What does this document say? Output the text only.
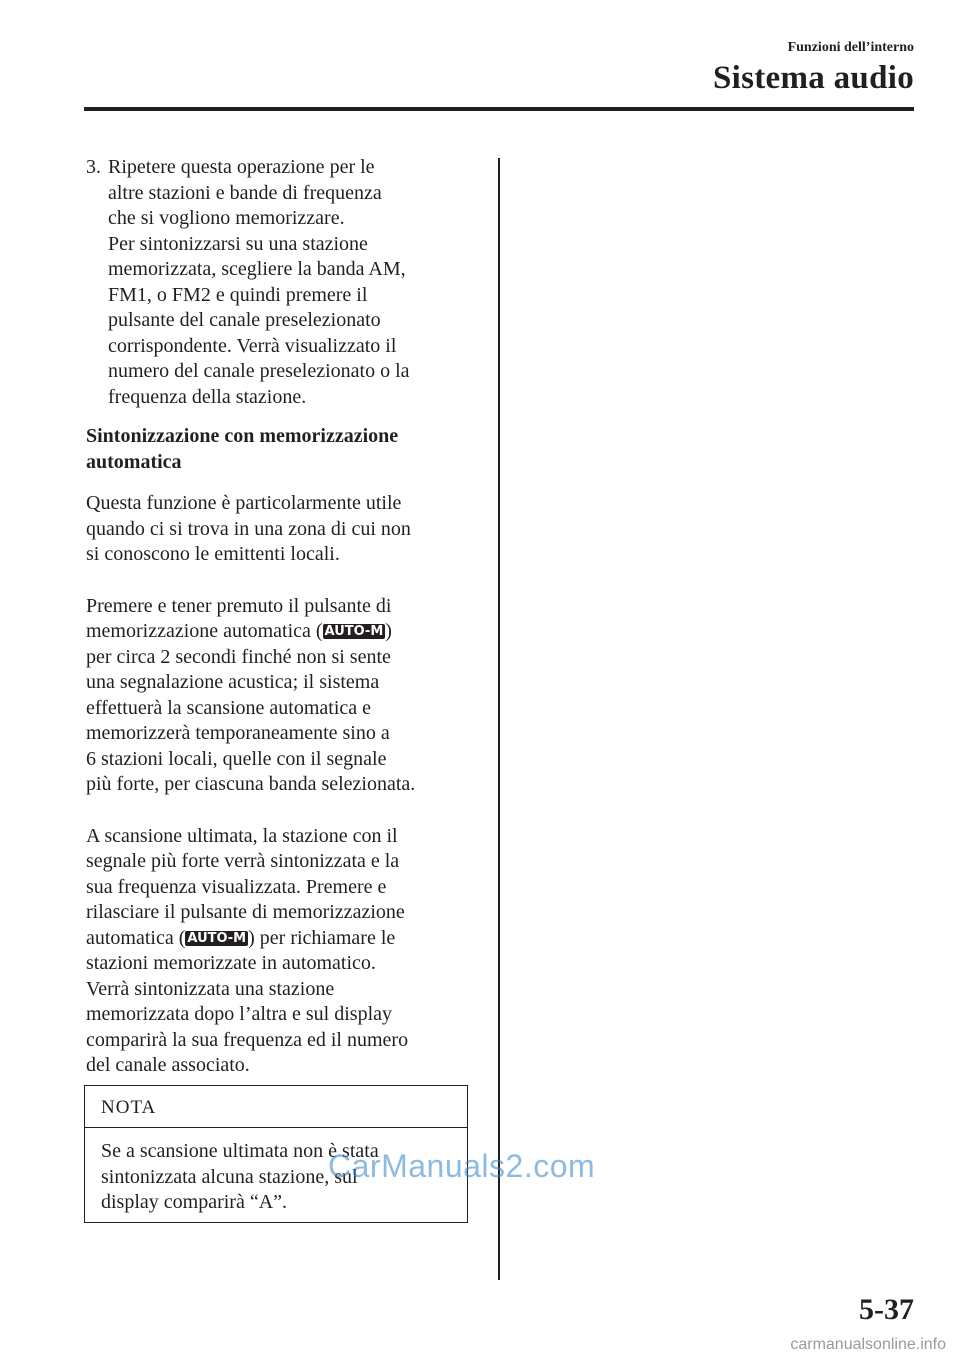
Funzioni dell’interno
Sistema audio
3. Ripetere questa operazione per le
altre stazioni e bande di frequenza
che si vogliono memorizzare.
Per sintonizzarsi su una stazione
memorizzata, scegliere la banda AM,
FM1, o FM2 e quindi premere il
pulsante del canale preselezionato
corrispondente. Verrà visualizzato il
numero del canale preselezionato o la
frequenza della stazione.
Sintonizzazione con memorizzazione
automatica
Questa funzione è particolarmente utile
quando ci si trova in una zona di cui non
si conoscono le emittenti locali.
Premere e tener premuto il pulsante di
memorizzazione automatica ( AUTO-M )
per circa 2 secondi finché non si sente
una segnalazione acustica; il sistema
effettuerà la scansione automatica e
memorizzerà temporaneamente sino a
6 stazioni locali, quelle con il segnale
più forte, per ciascuna banda selezionata.
A scansione ultimata, la stazione con il
segnale più forte verrà sintonizzata e la
sua frequenza visualizzata. Premere e
rilasciare il pulsante di memorizzazione
automatica ( AUTO-M ) per richiamare le
stazioni memorizzate in automatico.
Verrà sintonizzata una stazione
memorizzata dopo l’altra e sul display
comparirà la sua frequenza ed il numero
del canale associato.
NOTA
Se a scansione ultimata non è stata
sintonizzata alcuna stazione, sul
display comparirà “A”.
CarManuals2.com
5-37
carmanualsonline.info
